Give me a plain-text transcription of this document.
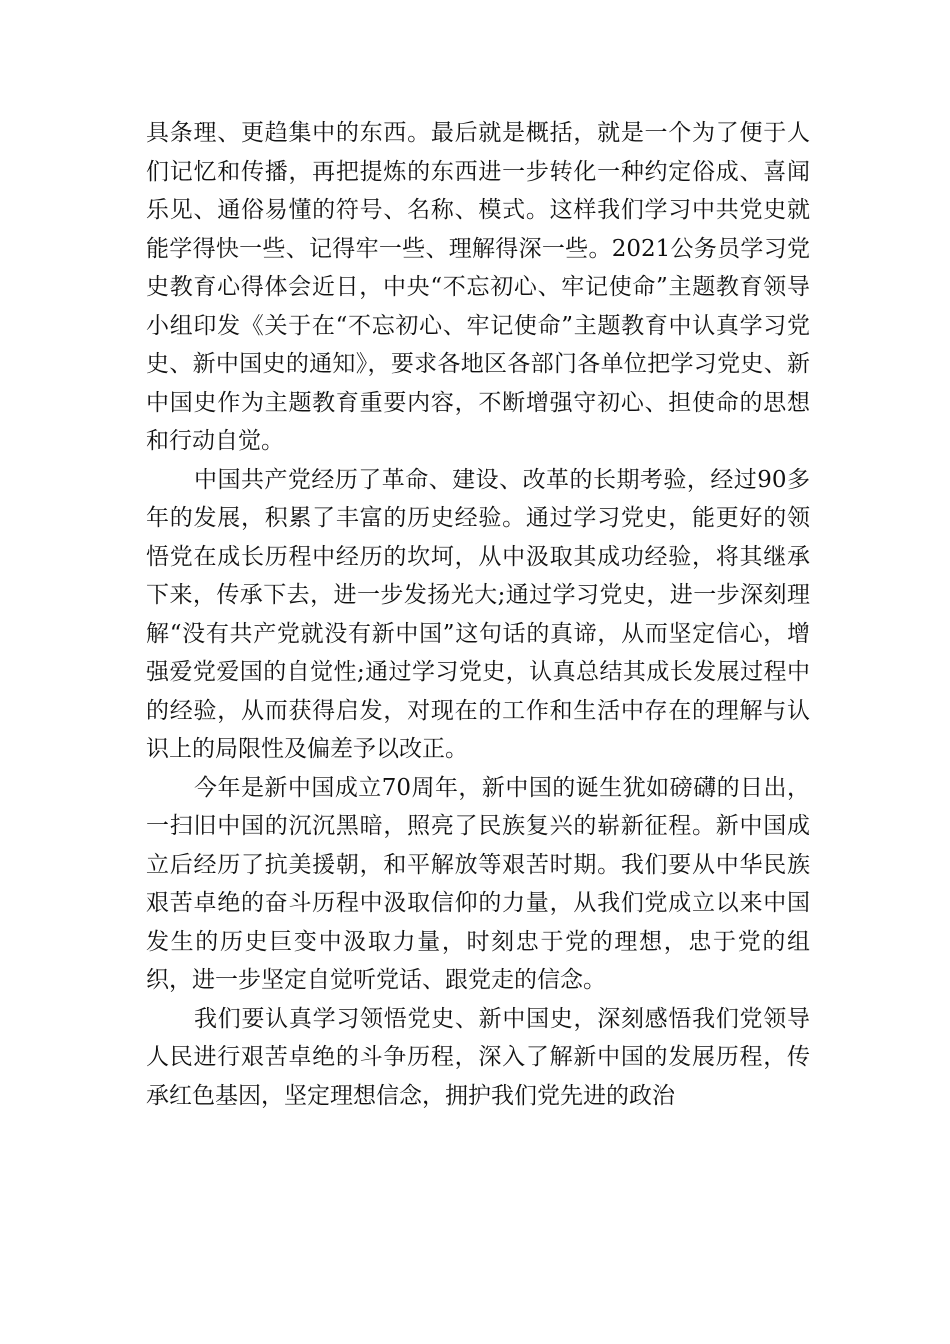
具条理、更趋集中的东西。最后就是概括，就是一个为了便于人们记忆和传播，再把提炼的东西进一步转化一种约定俗成、喜闻乐见、通俗易懂的符号、名称、模式。这样我们学习中共党史就能学得快一些、记得牢一些、理解得深一些。2021公务员学习党史教育心得体会近日，中央“不忘初心、牢记使命”主题教育领导小组印发《关于在“不忘初心、牢记使命”主题教育中认真学习党史、新中国史的通知》，要求各地区各部门各单位把学习党史、新中国史作为主题教育重要内容，不断增强守初心、担使命的思想和行动自觉。

中国共产党经历了革命、建设、改革的长期考验，经过90多年的发展，积累了丰富的历史经验。通过学习党史，能更好的领悟党在成长历程中经历的坎坷，从中汲取其成功经验，将其继承下来，传承下去，进一步发扬光大;通过学习党史，进一步深刻理解“没有共产党就没有新中国”这句话的真谛，从而坚定信心，增强爱党爱国的自觉性;通过学习党史，认真总结其成长发展过程中的经验，从而获得启发，对现在的工作和生活中存在的理解与认识上的局限性及偏差予以改正。

今年是新中国成立70周年，新中国的诞生犹如磅礴的日出，一扫旧中国的沉沉黑暗，照亮了民族复兴的崭新征程。新中国成立后经历了抗美援朝，和平解放等艰苦时期。我们要从中华民族艰苦卓绝的奋斗历程中汲取信仰的力量，从我们党成立以来中国发生的历史巨变中汲取力量，时刻忠于党的理想，忠于党的组织，进一步坚定自觉听党话、跟党走的信念。

我们要认真学习领悟党史、新中国史，深刻感悟我们党领导人民进行艰苦卓绝的斗争历程，深入了解新中国的发展历程，传承红色基因，坚定理想信念，拥护我们党先进的政治
